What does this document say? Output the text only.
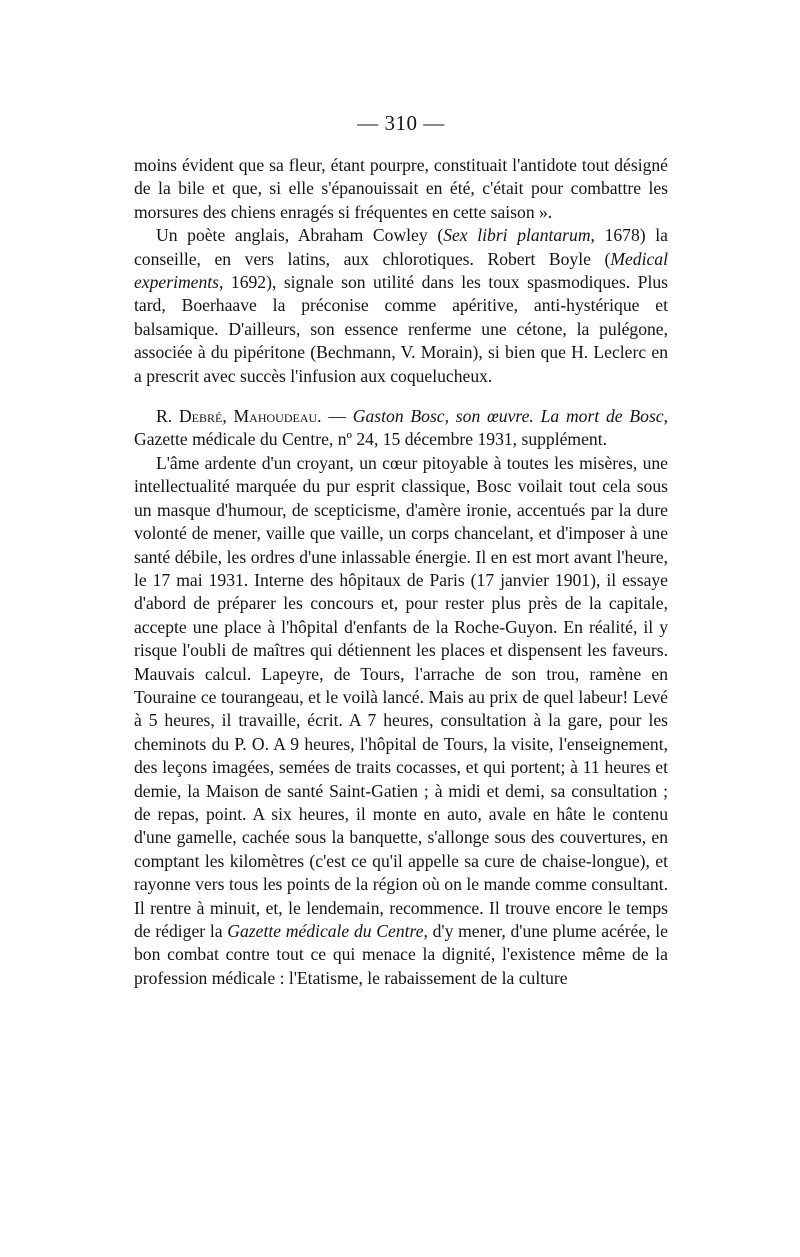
— 310 —

moins évident que sa fleur, étant pourpre, constituait l'antidote tout désigné de la bile et que, si elle s'épanouissait en été, c'était pour combattre les morsures des chiens enragés si fréquentes en cette saison ».

Un poète anglais, Abraham Cowley (Sex libri plantarum, 1678) la conseille, en vers latins, aux chlorotiques. Robert Boyle (Medical experiments, 1692), signale son utilité dans les toux spasmodiques. Plus tard, Boerhaave la préconise comme apéritive, anti-hystérique et balsamique. D'ailleurs, son essence renferme une cétone, la pulégone, associée à du pipéritone (Bechmann, V. Morain), si bien que H. Leclerc en a prescrit avec succès l'infusion aux coquelucheux.

R. Debré, Mahoudeau. — Gaston Bosc, son œuvre. La mort de Bosc, Gazette médicale du Centre, nº 24, 15 décembre 1931, supplément.

L'âme ardente d'un croyant, un cœur pitoyable à toutes les misères, une intellectualité marquée du pur esprit classique, Bosc voilait tout cela sous un masque d'humour, de scepticisme, d'amère ironie, accentués par la dure volonté de mener, vaille que vaille, un corps chancelant, et d'imposer à une santé débile, les ordres d'une inlassable énergie. Il en est mort avant l'heure, le 17 mai 1931. Interne des hôpitaux de Paris (17 janvier 1901), il essaye d'abord de préparer les concours et, pour rester plus près de la capitale, accepte une place à l'hôpital d'enfants de la Roche-Guyon. En réalité, il y risque l'oubli de maîtres qui détiennent les places et dispensent les faveurs. Mauvais calcul. Lapeyre, de Tours, l'arrache de son trou, ramène en Touraine ce tourangeau, et le voilà lancé. Mais au prix de quel labeur! Levé à 5 heures, il travaille, écrit. A 7 heures, consultation à la gare, pour les cheminots du P. O. A 9 heures, l'hôpital de Tours, la visite, l'enseignement, des leçons imagées, semées de traits cocasses, et qui portent; à 11 heures et demie, la Maison de santé Saint-Gatien ; à midi et demi, sa consultation ; de repas, point. A six heures, il monte en auto, avale en hâte le contenu d'une gamelle, cachée sous la banquette, s'allonge sous des couvertures, en comptant les kilomètres (c'est ce qu'il appelle sa cure de chaise-longue), et rayonne vers tous les points de la région où on le mande comme consultant. Il rentre à minuit, et, le lendemain, recommence. Il trouve encore le temps de rédiger la Gazette médicale du Centre, d'y mener, d'une plume acérée, le bon combat contre tout ce qui menace la dignité, l'existence même de la profession médicale : l'Etatisme, le rabaissement de la culture
